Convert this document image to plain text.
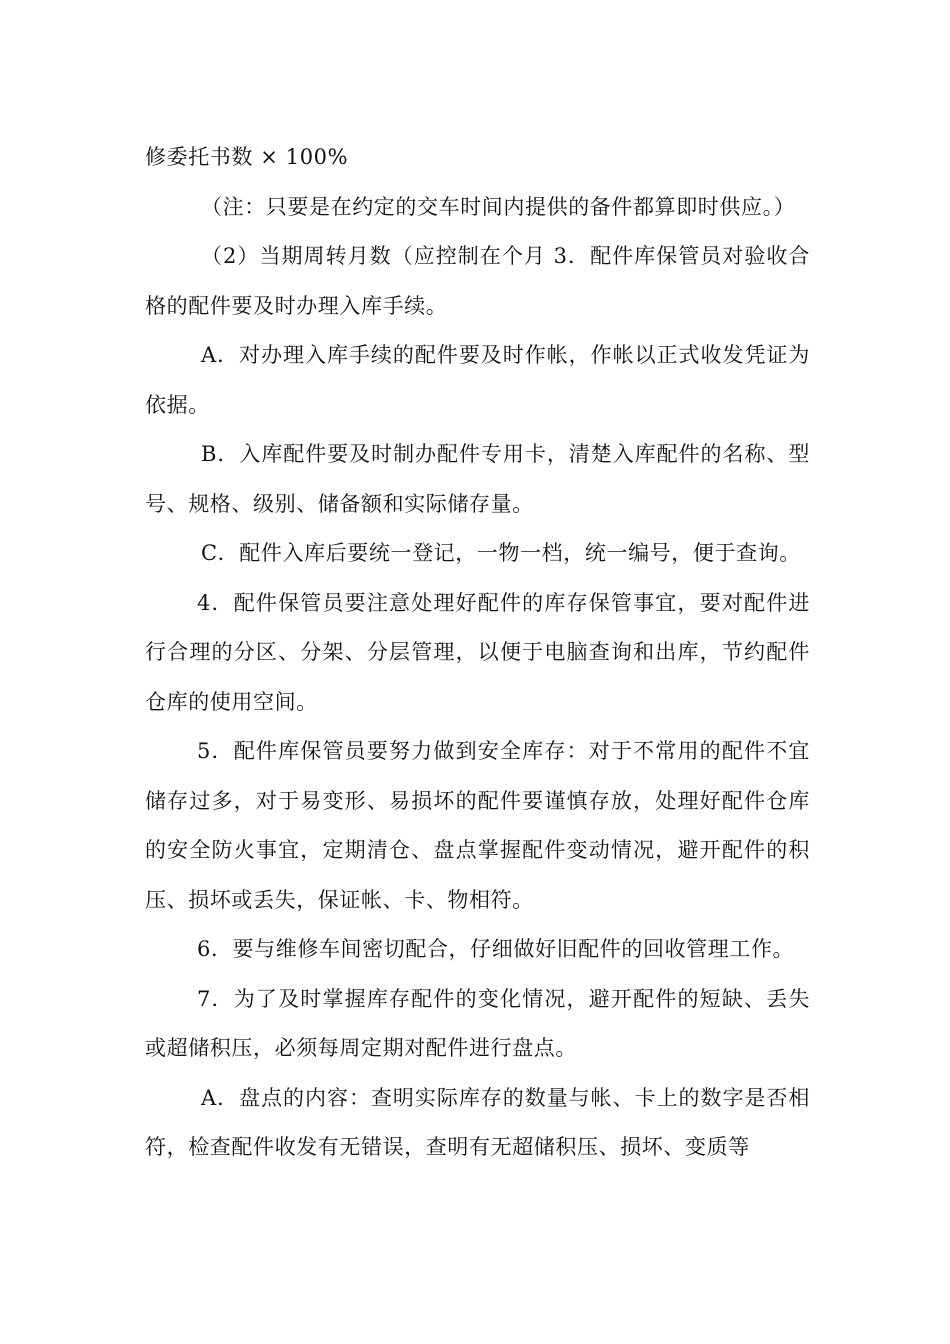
修委托书数 × 100%

（注：只要是在约定的交车时间内提供的备件都算即时供应。）

（2）当期周转月数（应控制在个月 3．配件库保管员对验收合格的配件要及时办理入库手续。

A．对办理入库手续的配件要及时作帐，作帐以正式收发凭证为依据。

B．入库配件要及时制办配件专用卡，清楚入库配件的名称、型号、规格、级别、储备额和实际储存量。

C．配件入库后要统一登记，一物一档，统一编号，便于查询。

4．配件保管员要注意处理好配件的库存保管事宜，要对配件进行合理的分区、分架、分层管理，以便于电脑查询和出库，节约配件仓库的使用空间。

5．配件库保管员要努力做到安全库存：对于不常用的配件不宜储存过多，对于易变形、易损坏的配件要谨慎存放，处理好配件仓库的安全防火事宜，定期清仓、盘点掌握配件变动情况，避开配件的积压、损坏或丢失，保证帐、卡、物相符。

6．要与维修车间密切配合，仔细做好旧配件的回收管理工作。

7．为了及时掌握库存配件的变化情况，避开配件的短缺、丢失或超储积压，必须每周定期对配件进行盘点。

A．盘点的内容：查明实际库存的数量与帐、卡上的数字是否相符，检查配件收发有无错误，查明有无超储积压、损坏、变质等
